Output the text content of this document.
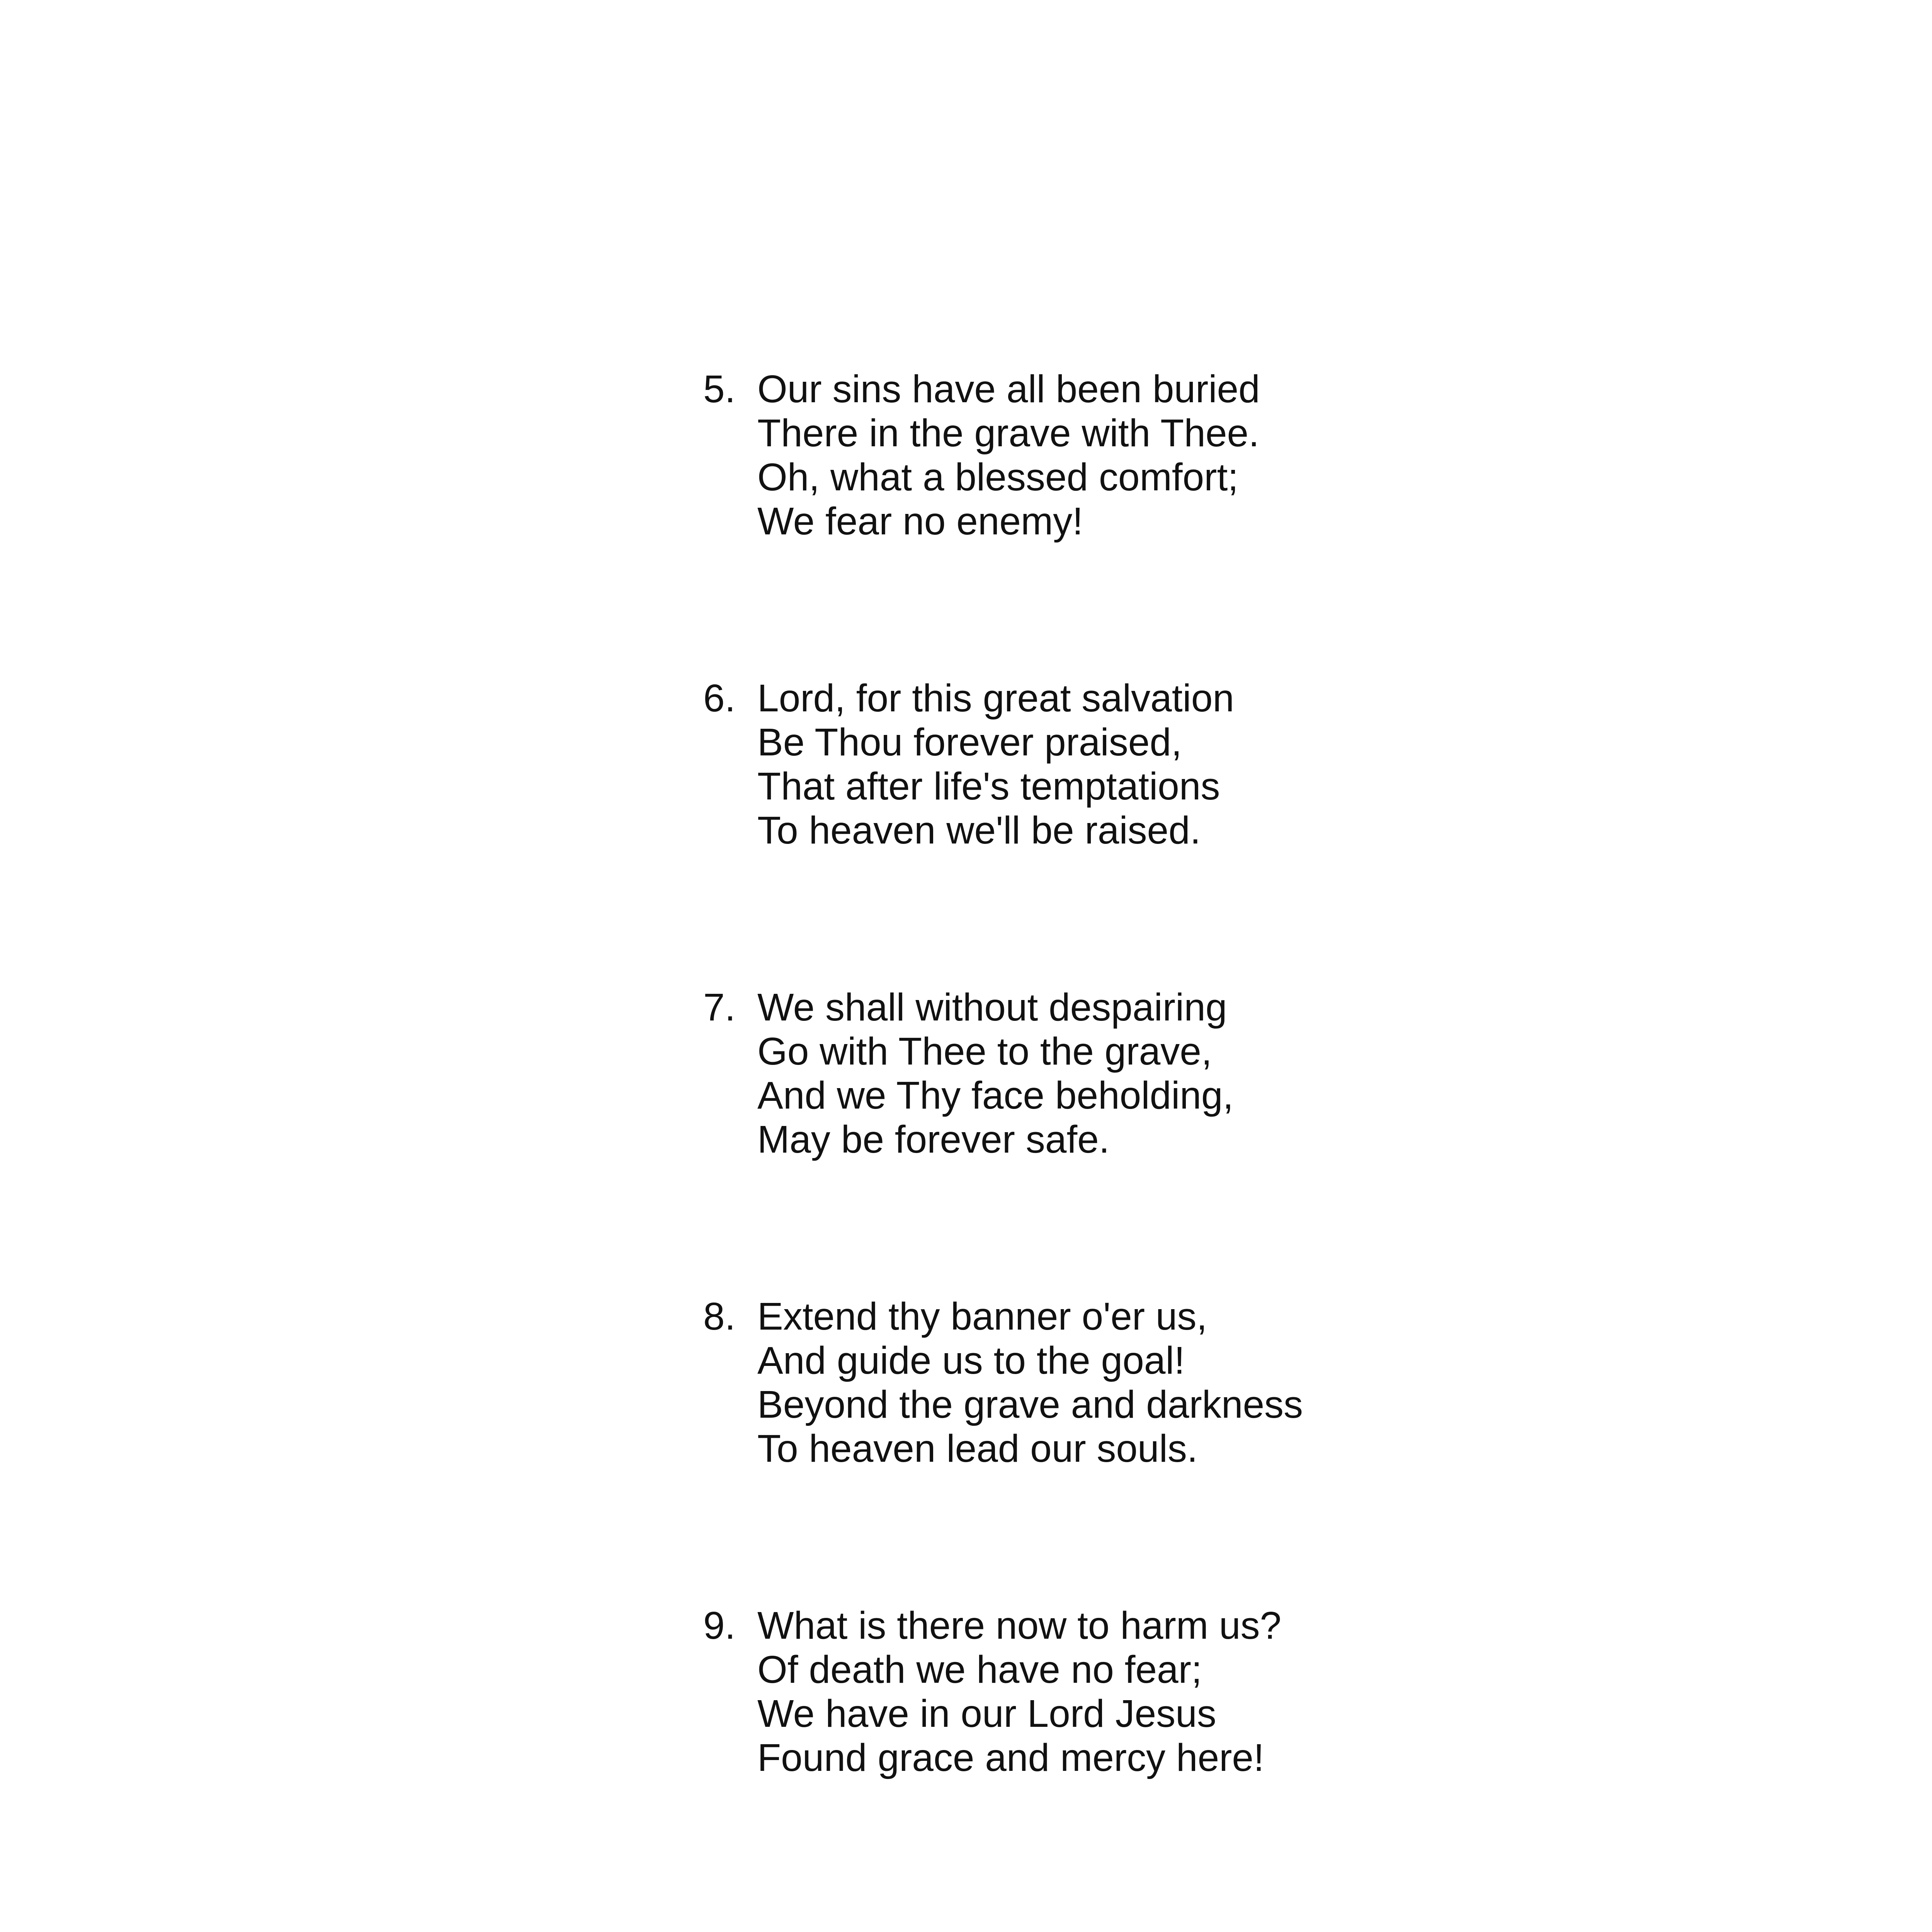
5. Our sins have all been buried
There in the grave with Thee.
Oh, what a blessed comfort;
We fear no enemy!
6. Lord, for this great salvation
Be Thou forever praised,
That after life's temptations
To heaven we'll be raised.
7. We shall without despairing
Go with Thee to the grave,
And we Thy face beholding,
May be forever safe.
8. Extend thy banner o'er us,
And guide us to the goal!
Beyond the grave and darkness
To heaven lead our souls.
9. What is there now to harm us?
Of death we have no fear;
We have in our Lord Jesus
Found grace and mercy here!
